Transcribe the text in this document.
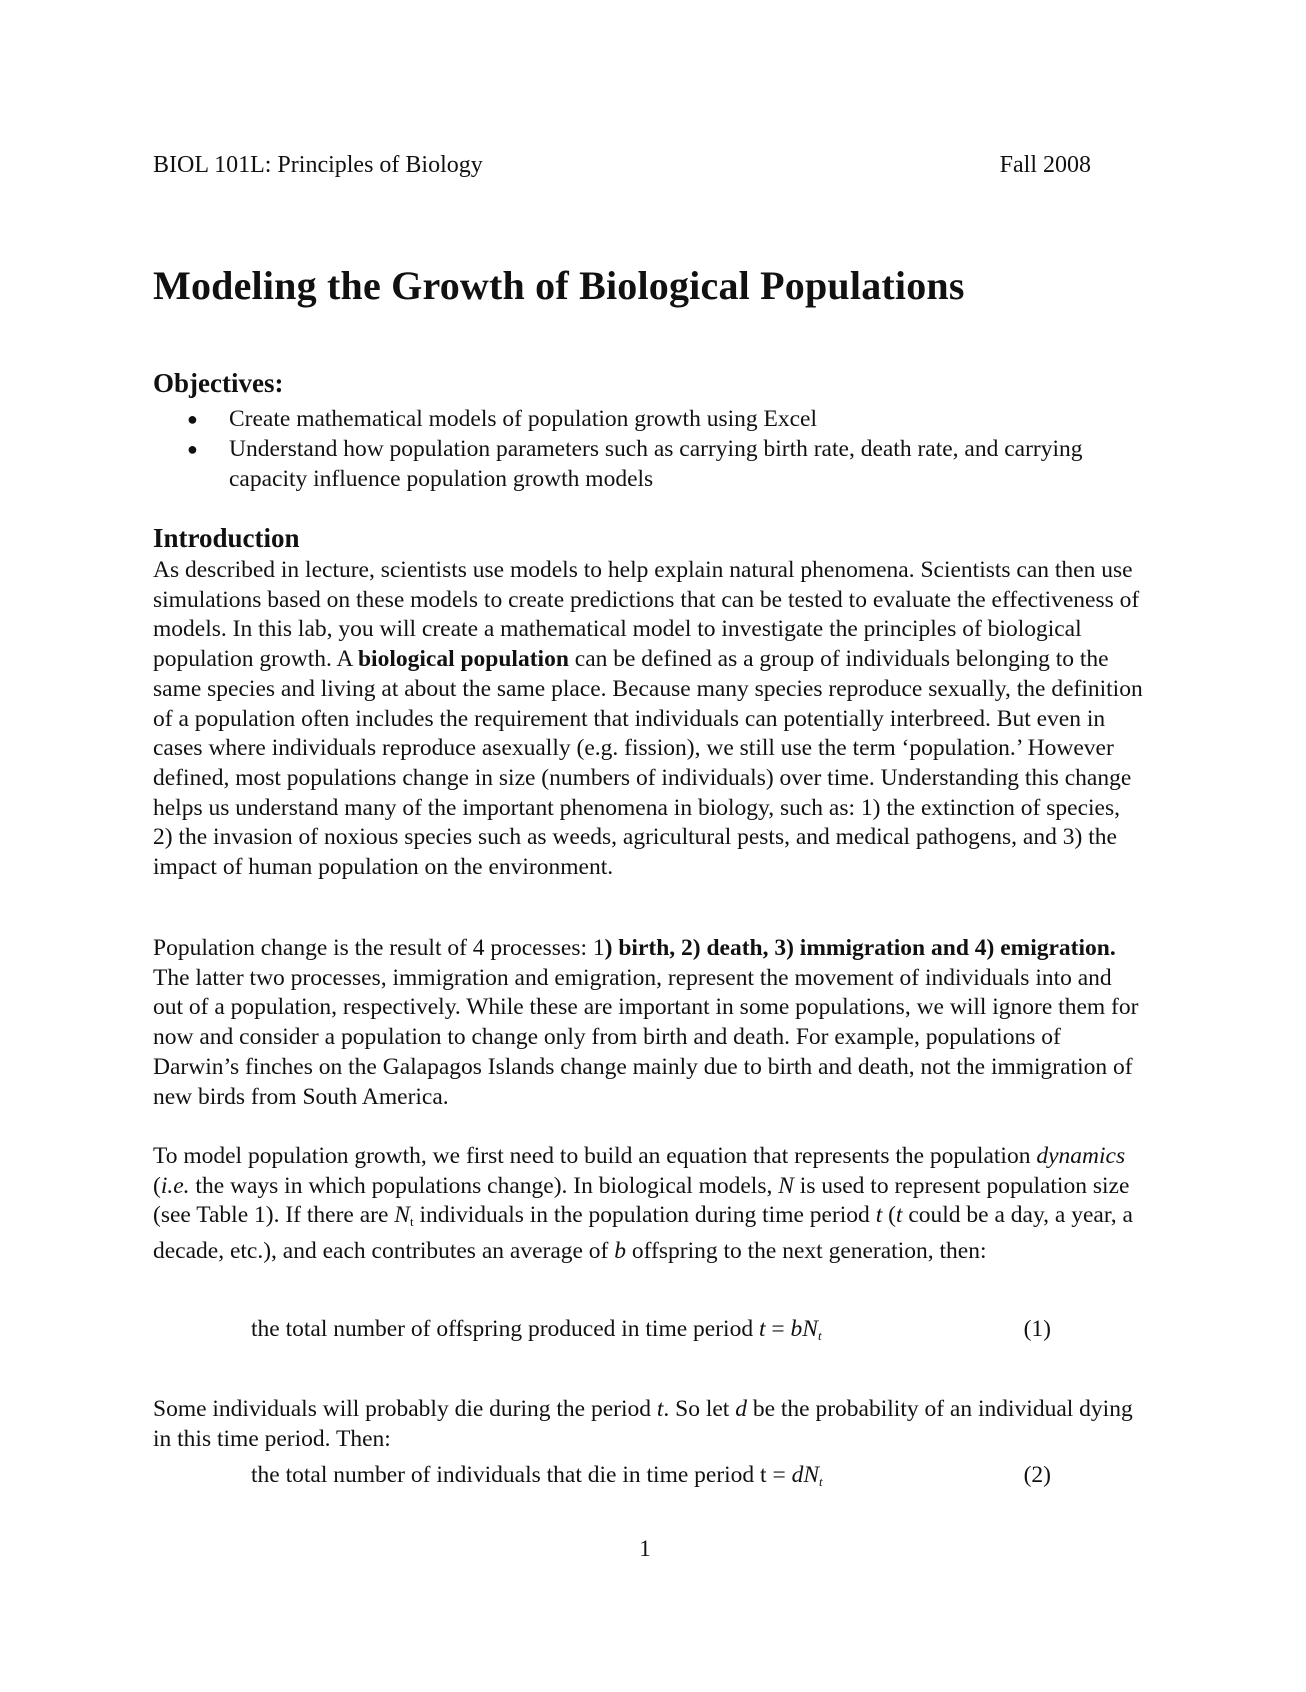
BIOL 101L: Principles of Biology	Fall 2008
Modeling the Growth of Biological Populations
Objectives:
● Create mathematical models of population growth using Excel
● Understand how population parameters such as carrying birth rate, death rate, and carrying capacity influence population growth models
Introduction

As described in lecture, scientists use models to help explain natural phenomena. Scientists can then use simulations based on these models to create predictions that can be tested to evaluate the effectiveness of models. In this lab, you will create a mathematical model to investigate the principles of biological population growth. A biological population can be defined as a group of individuals belonging to the same species and living at about the same place. Because many species reproduce sexually, the definition of a population often includes the requirement that individuals can potentially interbreed. But even in cases where individuals reproduce asexually (e.g. fission), we still use the term ‘population.’ However defined, most populations change in size (numbers of individuals) over time. Understanding this change helps us understand many of the important phenomena in biology, such as: 1) the extinction of species, 2) the invasion of noxious species such as weeds, agricultural pests, and medical pathogens, and 3) the impact of human population on the environment.

Population change is the result of 4 processes: 1) birth, 2) death, 3) immigration and 4) emigration. The latter two processes, immigration and emigration, represent the movement of individuals into and out of a population, respectively. While these are important in some populations, we will ignore them for now and consider a population to change only from birth and death. For example, populations of Darwin’s finches on the Galapagos Islands change mainly due to birth and death, not the immigration of new birds from South America.

To model population growth, we first need to build an equation that represents the population dynamics (i.e. the ways in which populations change). In biological models, N is used to represent population size (see Table 1). If there are $N_t$ individuals in the population during time period t (t could be a day, a year, a decade, etc.), and each contributes an average of b offspring to the next generation, then:

the total number of offspring produced in time period $t = bN_t$	(1)

Some individuals will probably die during the period t. So let d be the probability of an individual dying in this time period. Then:

the total number of individuals that die in time period $t = dN_t$	(2)
1
